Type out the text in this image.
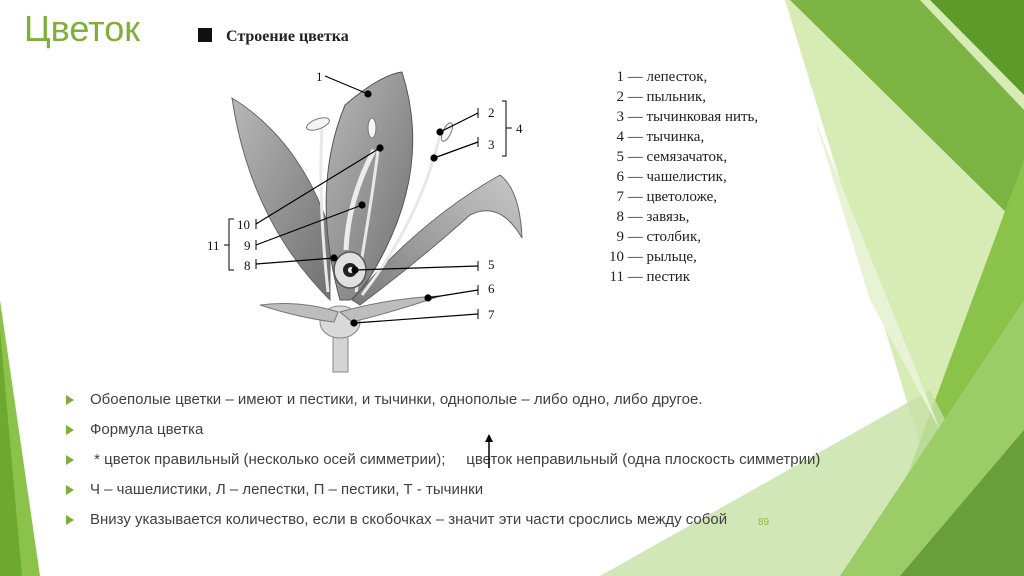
Цветок	Строение цветка
1
2
3
4
5
6
7
8
9
10
11
1 — лепесток,
2 — пыльник,
3 — тычинковая нить,
4 — тычинка,
5 — семязачаток,
6 — чашелистик,
7 — цветоложе,
8 — завязь,
9 — столбик,
10 — рыльце,
11 — пестик
Обоеполые цветки – имеют и пестики, и тычинки, однополые – либо одно, либо другое.
Формула цветка
* цветок правильный (несколько осей симметрии);     цветок неправильный (одна плоскость симметрии)
Ч – чашелистики, Л – лепестки, П – пестики, Т - тычинки
Внизу указывается количество, если в скобочках – значит эти части срослись между собой	89
